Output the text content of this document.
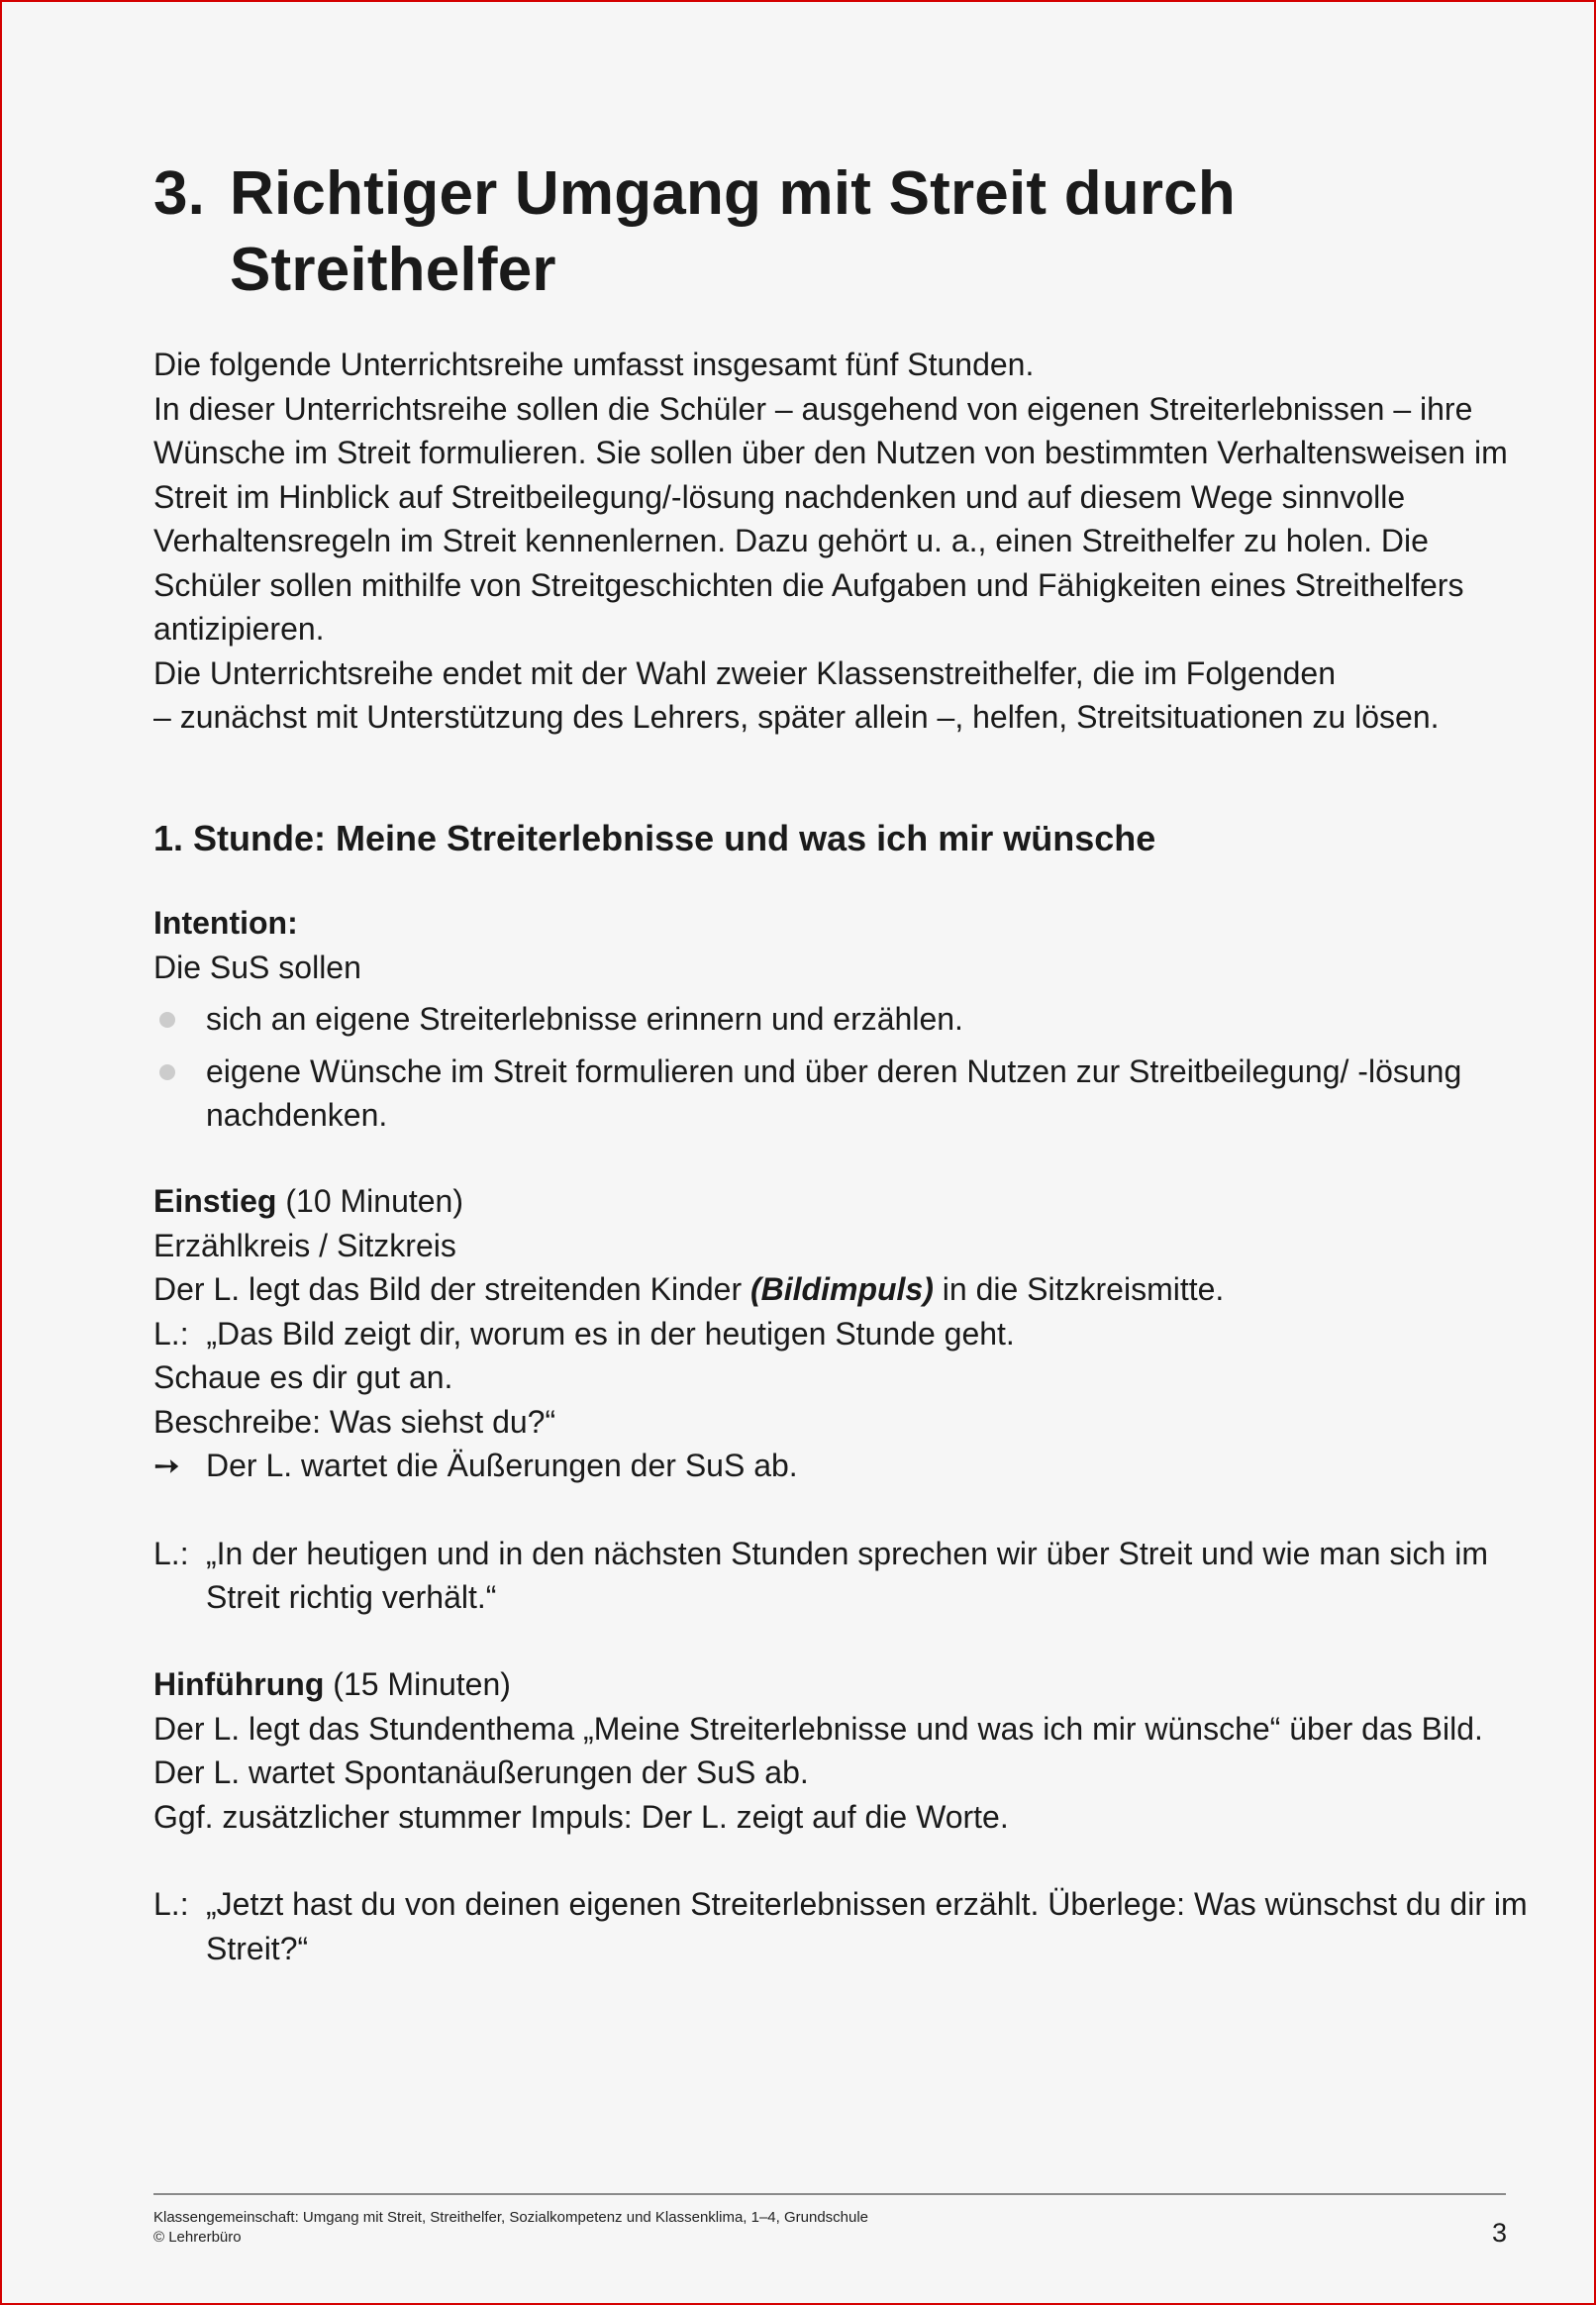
3. Richtiger Umgang mit Streit durch
Streithelfer

Die folgende Unterrichtsreihe umfasst insgesamt fünf Stunden.

In dieser Unterrichtsreihe sollen die Schüler – ausgehend von eigenen Streiterlebnissen – ihre Wünsche im Streit formulieren. Sie sollen über den Nutzen von bestimmten Verhaltensweisen im Streit im Hinblick auf Streitbeilegung/-lösung nachdenken und auf diesem Wege sinnvolle Verhaltensregeln im Streit kennenlernen. Dazu gehört u. a., einen Streithelfer zu holen. Die Schüler sollen mithilfe von Streitgeschichten die Aufgaben und Fähigkeiten eines Streithelfers antizipieren.

Die Unterrichtsreihe endet mit der Wahl zweier Klassenstreithelfer, die im Folgenden

– zunächst mit Unterstützung des Lehrers, später allein –, helfen, Streitsituationen zu lösen.

1. Stunde: Meine Streiterlebnisse und was ich mir wünsche

Intention:

Die SuS sollen

sich an eigene Streiterlebnisse erinnern und erzählen.
eigene Wünsche im Streit formulieren und über deren Nutzen zur Streitbeilegung/ -lösung nachdenken.

Einstieg (10 Minuten)

Erzählkreis / Sitzkreis

Der L. legt das Bild der streitenden Kinder (Bildimpuls) in die Sitzkreismitte.

L.: „Das Bild zeigt dir, worum es in der heutigen Stunde geht.

Schaue es dir gut an.

Beschreibe: Was siehst du?“

➙ Der L. wartet die Äußerungen der SuS ab.
L.: „In der heutigen und in den nächsten Stunden sprechen wir über Streit und wie man sich im Streit richtig verhält.“

Hinführung (15 Minuten)

Der L. legt das Stundenthema „Meine Streiterlebnisse und was ich mir wünsche“ über das Bild.

Der L. wartet Spontanäußerungen der SuS ab.

Ggf. zusätzlicher stummer Impuls: Der L. zeigt auf die Worte.

L.: „Jetzt hast du von deinen eigenen Streiterlebnissen erzählt. Überlege: Was wünschst du dir im Streit?“

Klassengemeinschaft: Umgang mit Streit, Streithelfer, Sozialkompetenz und Klassenklima, 1–4, Grundschule

© Lehrerbüro	3
